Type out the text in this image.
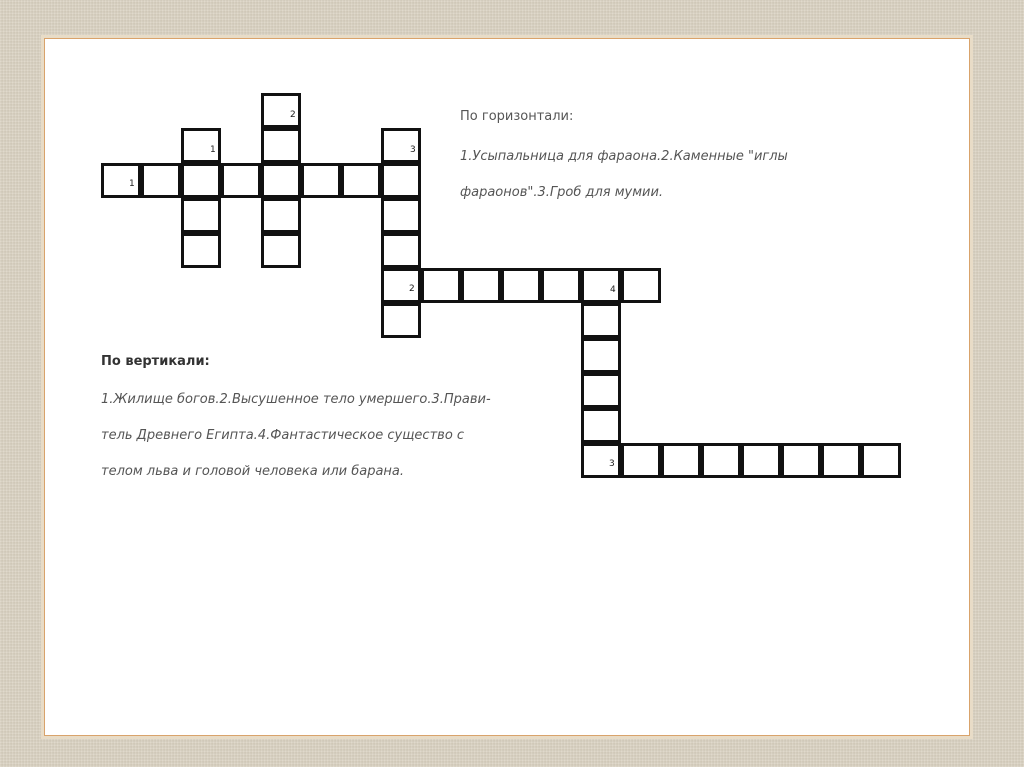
1
1
2
3
2	4
3
По горизонтали:
1.Усыпальница для фараона.2.Каменные "иглы фараонов".3.Гроб для мумии.
По вертикали:
1.Жилище богов.2.Высушенное тело умершего.3.Прави-
тель Древнего Египта.4.Фантастическое существо с
телом льва и головой человека или барана.
